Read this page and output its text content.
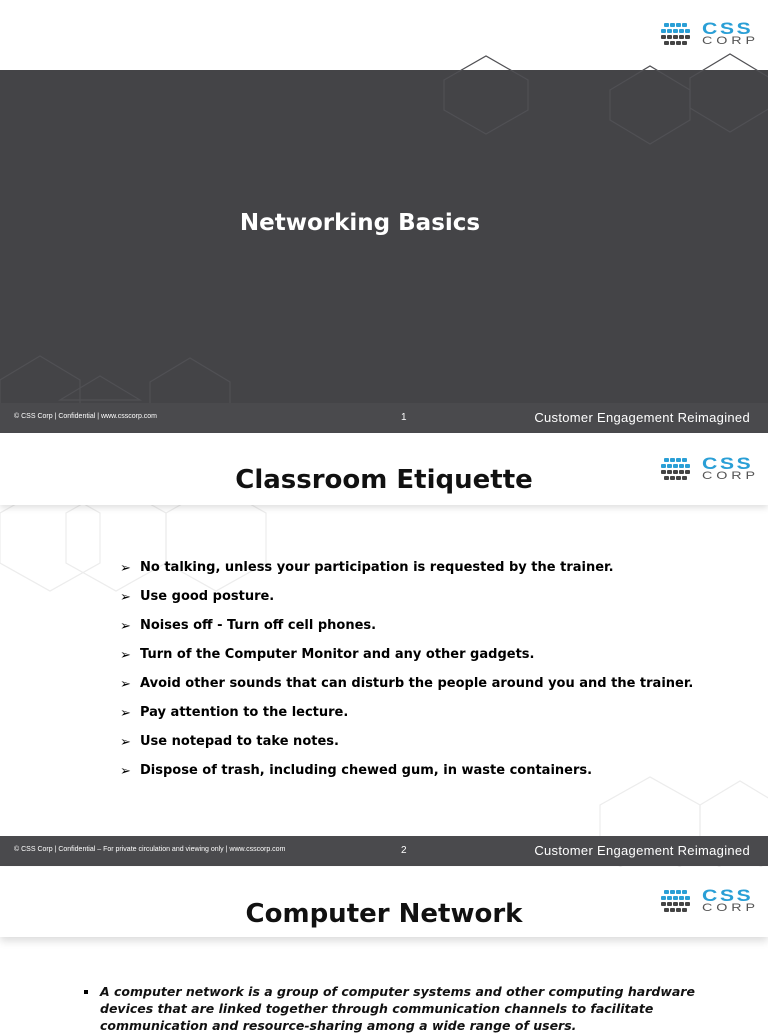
CSS
CORP
Networking Basics
© CSS Corp | Confidential | www.csscorp.com	1	Customer Engagement Reimagined
Classroom Etiquette
CSS
CORP
➢ No talking, unless your participation is requested by the trainer.
➢ Use good posture.
➢ Noises off - Turn off cell phones.
➢ Turn of the Computer Monitor and any other gadgets.
➢ Avoid other sounds that can disturb the people around you and the trainer.
➢ Pay attention to the lecture.
➢ Use notepad to take notes.
➢ Dispose of trash, including chewed gum, in waste containers.
© CSS Corp | Confidential – For private circulation and viewing only | www.csscorp.com	2	Customer Engagement Reimagined
Computer Network
CSS
CORP

A computer network is a group of computer systems and other computing hardware devices that are linked together through communication channels to facilitate communication and resource-sharing among a wide range of users.
